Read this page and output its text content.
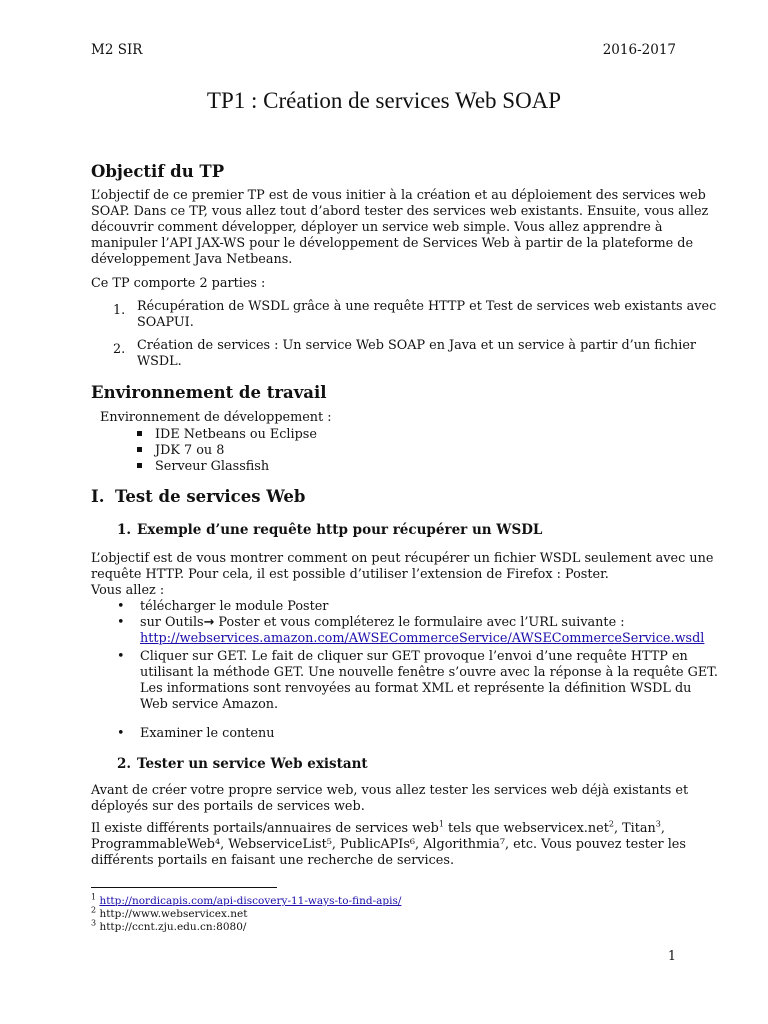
M2 SIR	2016-2017
TP1 : Création de services Web SOAP
Objectif du TP
L’objectif de ce premier TP est de vous initier à la création et au déploiement des services web
SOAP. Dans ce TP, vous allez tout d’abord tester des services web existants. Ensuite, vous allez
découvrir comment développer, déployer un service web simple. Vous allez apprendre à
manipuler l’API JAX-WS pour le développement de Services Web à partir de la plateforme de
développement Java Netbeans.
Ce TP comporte 2 parties :
1. Récupération de WSDL grâce à une requête HTTP et Test de services web existants avec
SOAPUI.
2. Création de services : Un service Web SOAP en Java et un service à partir d’un fichier
WSDL.
Environnement de travail
Environnement de développement :
IDE Netbeans ou Eclipse
JDK 7 ou 8
Serveur Glassfish
I. Test de services Web
1. Exemple d’une requête http pour récupérer un WSDL
L’objectif est de vous montrer comment on peut récupérer un fichier WSDL seulement avec une
requête HTTP. Pour cela, il est possible d’utiliser l’extension de Firefox : Poster.
Vous allez :
• télécharger le module Poster
• sur Outils→ Poster et vous compléterez le formulaire avec l’URL suivante :
http://webservices.amazon.com/AWSECommerceService/AWSECommerceService.wsdl
• Cliquer sur GET. Le fait de cliquer sur GET provoque l’envoi d’une requête HTTP en
utilisant la méthode GET. Une nouvelle fenêtre s’ouvre avec la réponse à la requête GET.
Les informations sont renvoyées au format XML et représente la définition WSDL du
Web service Amazon.
• Examiner le contenu
2. Tester un service Web existant
Avant de créer votre propre service web, vous allez tester les services web déjà existants et
déployés sur des portails de services web.
Il existe différents portails/annuaires de services web$^1$ tels que webservicex.net$^2$, Titan$^3$,
ProgrammableWeb⁴, WebserviceList⁵, PublicAPIs⁶, Algorithmia⁷, etc. Vous pouvez tester les
différents portails en faisant une recherche de services.
$^1$ http://nordicapis.com/api-discovery-11-ways-to-find-apis/
$^2$ http://www.webservicex.net
$^3$ http://ccnt.zju.edu.cn:8080/
1
